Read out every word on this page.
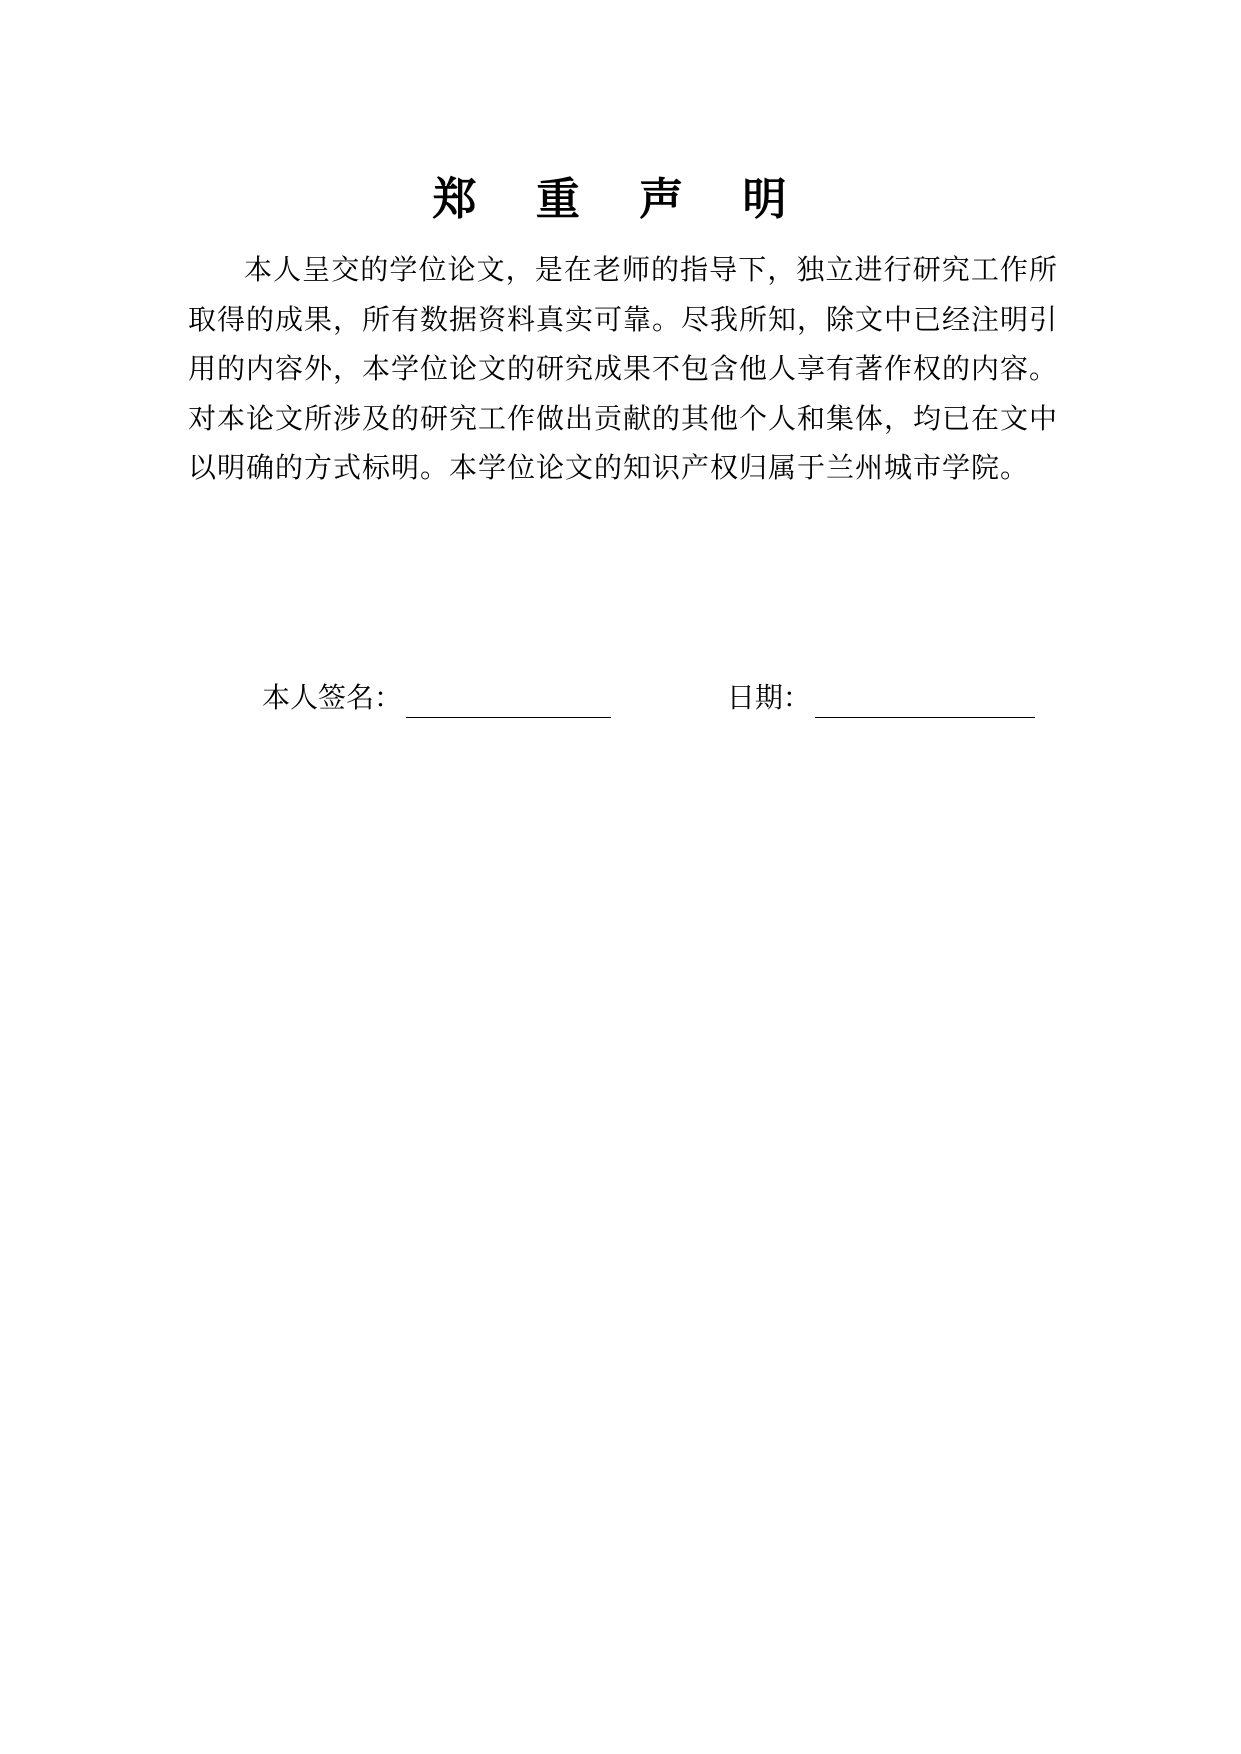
郑 重 声 明

本人呈交的学位论文，是在老师的指导下，独立进行研究工作所取得的成果，所有数据资料真实可靠。尽我所知，除文中已经注明引用的内容外，本学位论文的研究成果不包含他人享有著作权的内容。对本论文所涉及的研究工作做出贡献的其他个人和集体，均已在文中以明确的方式标明。本学位论文的知识产权归属于兰州城市学院。

本人签名：	日期：
